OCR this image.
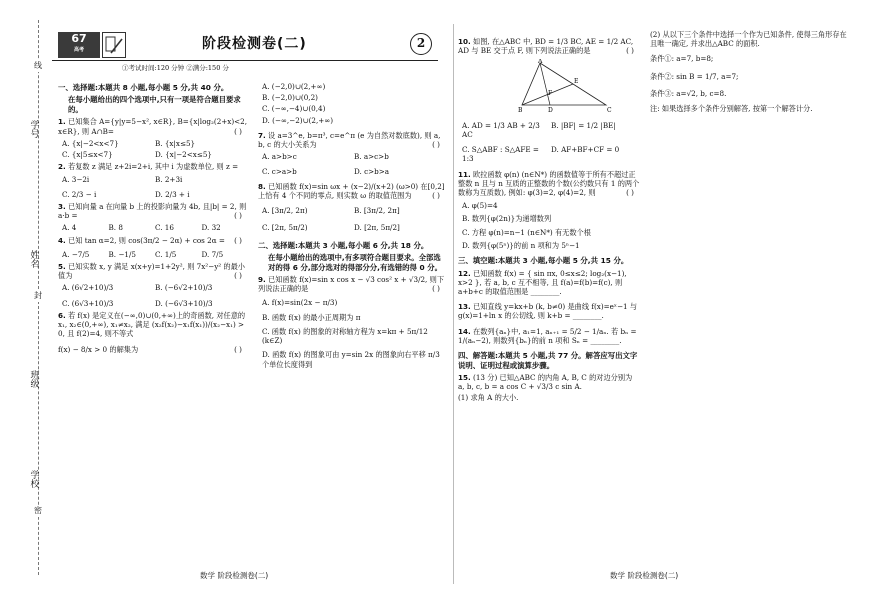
线
学号
姓名
封
班级
学校
密
67
高考	阶段检测卷(二)	2
①考试时间:120 分钟 ②满分:150 分
一、选择题:本题共 8 小题,每小题 5 分,共 40 分。
在每小题给出的四个选项中,只有一项是符合题目要求的。
1. 已知集合 A={y|y=5−x², x∈R}, B={x|log₂(2+x)<2, x∈R}, 则 A∩B=	( )
A. {x|−2<x<7}	B. {x|x≤5}
C. {x|5≤x<7}	D. {x|−2<x≤5}
2. 若复数 z 满足 z+2i=2+i, 其中 i 为虚数单位, 则 z =
A. 3−2i	B. 2+3i
C. 2/3 − i	D. 2/3 + i
3. 已知向量 a 在向量 b 上的投影向量为 4b, 且|b| = 2, 则 a·b =	( )
A. 4	B. 8	C. 16	D. 32
4. 已知 tan α=2, 则 cos(3π/2 − 2α) + cos 2α = ( )
A. −7/5	B. −1/5	C. 1/5	D. 7/5
5. 已知实数 x, y 满足 x(x+y)=1+2y², 则 7x²−y² 的最小值为	( )
A. (6√2+10)/3	B. (−6√2+10)/3
C. (6√3+10)/3	D. (−6√3+10)/3
6. 若 f(x) 是定义在(−∞,0)∪(0,+∞)上的奇函数, 对任意的 x₁, x₂∈(0,+∞), x₁≠x₂, 满足 (x₂f(x₂)−x₁f(x₁))/(x₂−x₁) > 0, 且 f(2)=4, 则不等式
f(x) − 8/x > 0 的解集为	( )
A. (−2,0)∪(2,+∞)
B. (−2,0)∪(0,2)
C. (−∞,−4)∪(0,4)
D. (−∞,−2)∪(2,+∞)
7. 设 a=3^e, b=π³, c=e^π (e 为自然对数底数), 则 a, b, c 的大小关系为	( )
A. a>b>c	B. a>c>b
C. c>a>b	D. c>b>a
8. 已知函数 f(x)=sin ωx + (x−2)/(x+2) (ω>0) 在[0,2]上恰有 4 个不同的零点, 则实数 ω 的取值范围为	( )
A. [3π/2, 2π)	B. [3π/2, 2π]
C. [2π, 5π/2)	D. [2π, 5π/2]
二、选择题:本题共 3 小题,每小题 6 分,共 18 分。
在每小题给出的选项中,有多项符合题目要求。全部选对的得 6 分,部分选对的得部分分,有选错的得 0 分。
9. 已知函数 f(x)=sin x cos x − √3 cos² x + √3/2, 则下列说法正确的是	( )
A. f(x)=sin(2x − π/3)
B. 函数 f(x) 的最小正周期为 π
C. 函数 f(x) 的图象的对称轴方程为 x=kπ + 5π/12 (k∈Z)
D. 函数 f(x) 的图象可由 y=sin 2x 的图象向右平移 π/3 个单位长度得到
10. 如图, 在△ABC 中, BD = 1/3 BC, AE = 1/2 AC, AD 与 BE 交于点 F, 则下列说法正确的是	( )
A
B	D	C
E
F
A. AD = 1/3 AB + 2/3 AC
B. |BF| = 1/2 |BE|
C. S△ABF : S△AFE = 1:3
D. AF+BF+CF = 0
11. 欧拉函数 φ(n) (n∈N*) 的函数值等于所有不超过正整数 n 且与 n 互质的正整数的个数(公约数只有 1 的两个数称为互质数), 例如: φ(3)=2, φ(4)=2, 则	( )
A. φ(5)=4
B. 数列{φ(2n)}为递增数列
C. 方程 φ(n)=n−1 (n∈N*) 有无数个根
D. 数列{φ(5ⁿ)}的前 n 项和为 5ⁿ−1
三、填空题:本题共 3 小题,每小题 5 分,共 15 分。
12. 已知函数 f(x) = { sin πx, 0≤x≤2; log₂(x−1), x>2 }, 若 a, b, c 互不相等, 且 f(a)=f(b)=f(c), 则 a+b+c 的取值范围是 ________.
13. 已知直线 y=kx+b (k, b≠0) 是曲线 f(x)=eˣ−1 与 g(x)=1+ln x 的公切线, 则 k+b = ________.
14. 在数列{aₙ}中, a₁=1, aₙ₊₁ = 5/2 − 1/aₙ. 若 bₙ = 1/(aₙ−2), 则数列{bₙ}的前 n 项和 Sₙ = ________.
四、解答题:本题共 5 小题,共 77 分。解答应写出文字说明、证明过程或演算步骤。
15. (13 分) 已知△ABC 的内角 A, B, C 的对边分别为 a, b, c, b = a cos C + √3/3 c sin A.
(1) 求角 A 的大小.
(2) 从以下三个条件中选择一个作为已知条件, 使得三角形存在且唯一确定, 并求出△ABC 的面积.
条件①: a=7, b=8;
条件②: sin B = 1/7, a=7;
条件③: a=√2, b, c=8.
注: 如果选择多个条件分别解答, 按第一个解答计分.
数学 阶段检测卷(二)	数学 阶段检测卷(二)
